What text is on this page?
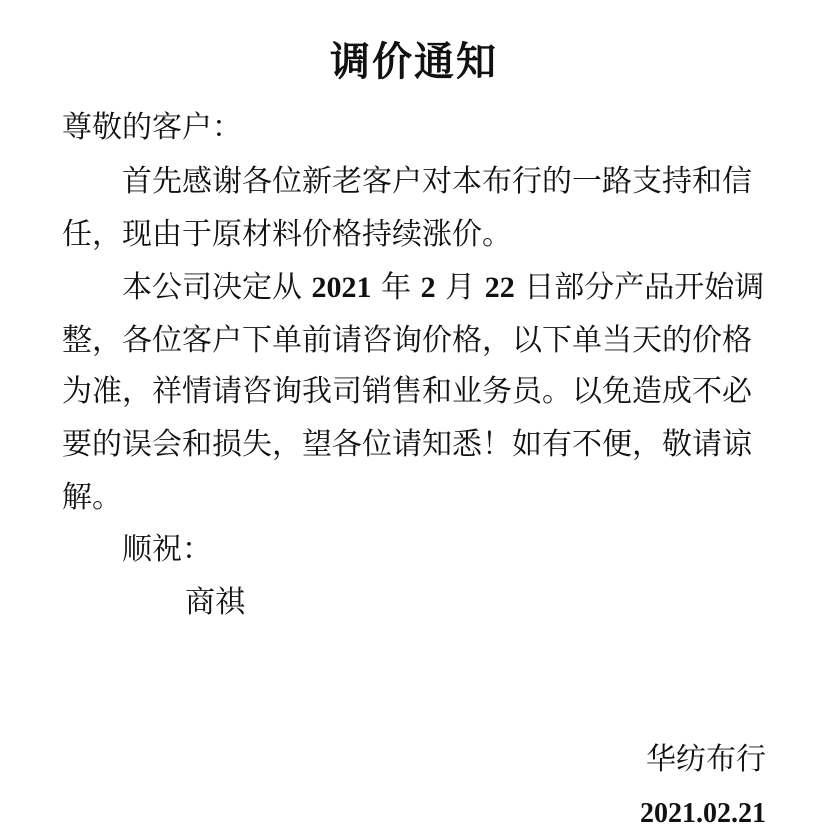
调价通知
尊敬的客户：
首先感谢各位新老客户对本布行的一路支持和信
任，现由于原材料价格持续涨价。
本公司决定从 2021 年 2 月 22 日部分产品开始调
整，各位客户下单前请咨询价格，以下单当天的价格
为准，祥情请咨询我司销售和业务员。以免造成不必
要的误会和损失，望各位请知悉！如有不便，敬请谅
解。
顺祝：
商祺
华纺布行
2021.02.21
